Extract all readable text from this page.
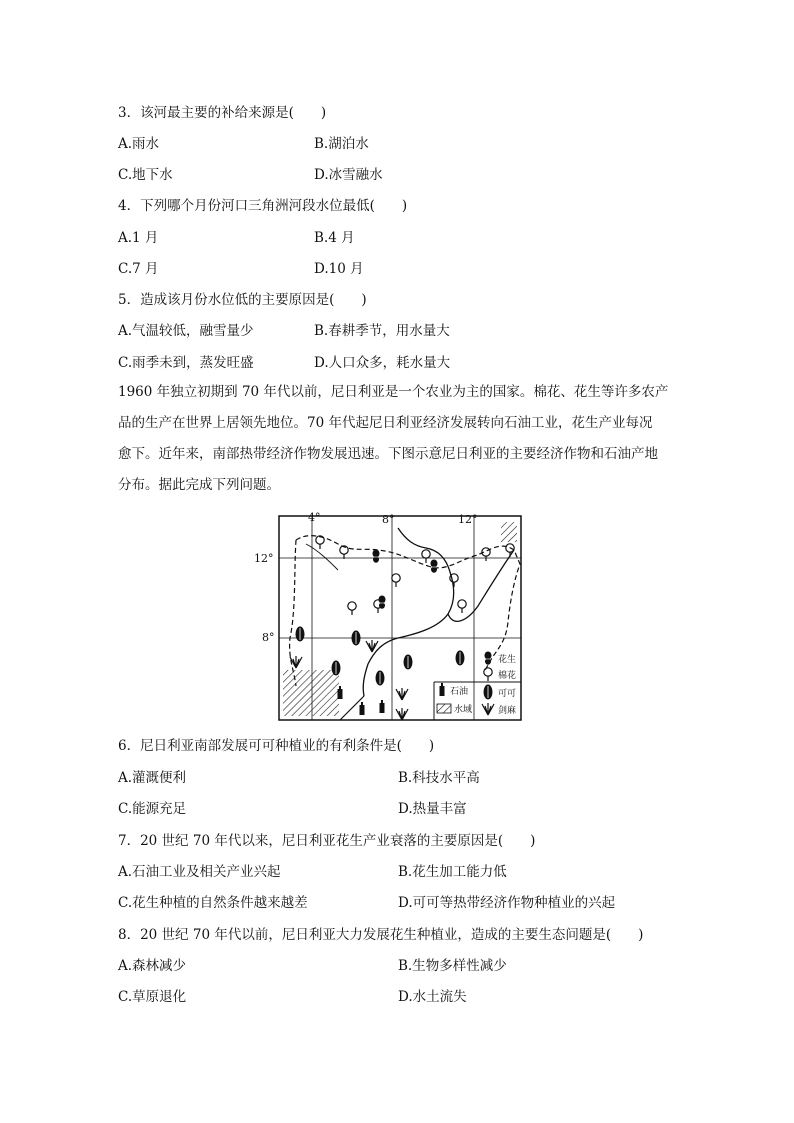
3．该河最主要的补给来源是(　　)
A.雨水	B.湖泊水
C.地下水	D.冰雪融水
4．下列哪个月份河口三角洲河段水位最低(　　)
A.1 月	B.4 月
C.7 月	D.10 月
5．造成该月份水位低的主要原因是(　　)
A.气温较低，融雪量少	B.春耕季节，用水量大
C.雨季未到，蒸发旺盛	D.人口众多，耗水量大
1960 年独立初期到 70 年代以前，尼日利亚是一个农业为主的国家。棉花、花生等许多农产
品的生产在世界上居领先地位。70 年代起尼日利亚经济发展转向石油工业，花生产业每况
愈下。近年来，南部热带经济作物发展迅速。下图示意尼日利亚的主要经济作物和石油产地
分布。据此完成下列问题。
4°	8°	12°
12°
8°
花生
棉花
石油	可可
水域	剑麻
6．尼日利亚南部发展可可种植业的有利条件是(　　)
A.灌溉便利	B.科技水平高
C.能源充足	D.热量丰富
7．20 世纪 70 年代以来，尼日利亚花生产业衰落的主要原因是(　　)
A.石油工业及相关产业兴起	B.花生加工能力低
C.花生种植的自然条件越来越差	D.可可等热带经济作物种植业的兴起
8．20 世纪 70 年代以前，尼日利亚大力发展花生种植业，造成的主要生态问题是(　　)
A.森林减少	B.生物多样性减少
C.草原退化	D.水土流失
